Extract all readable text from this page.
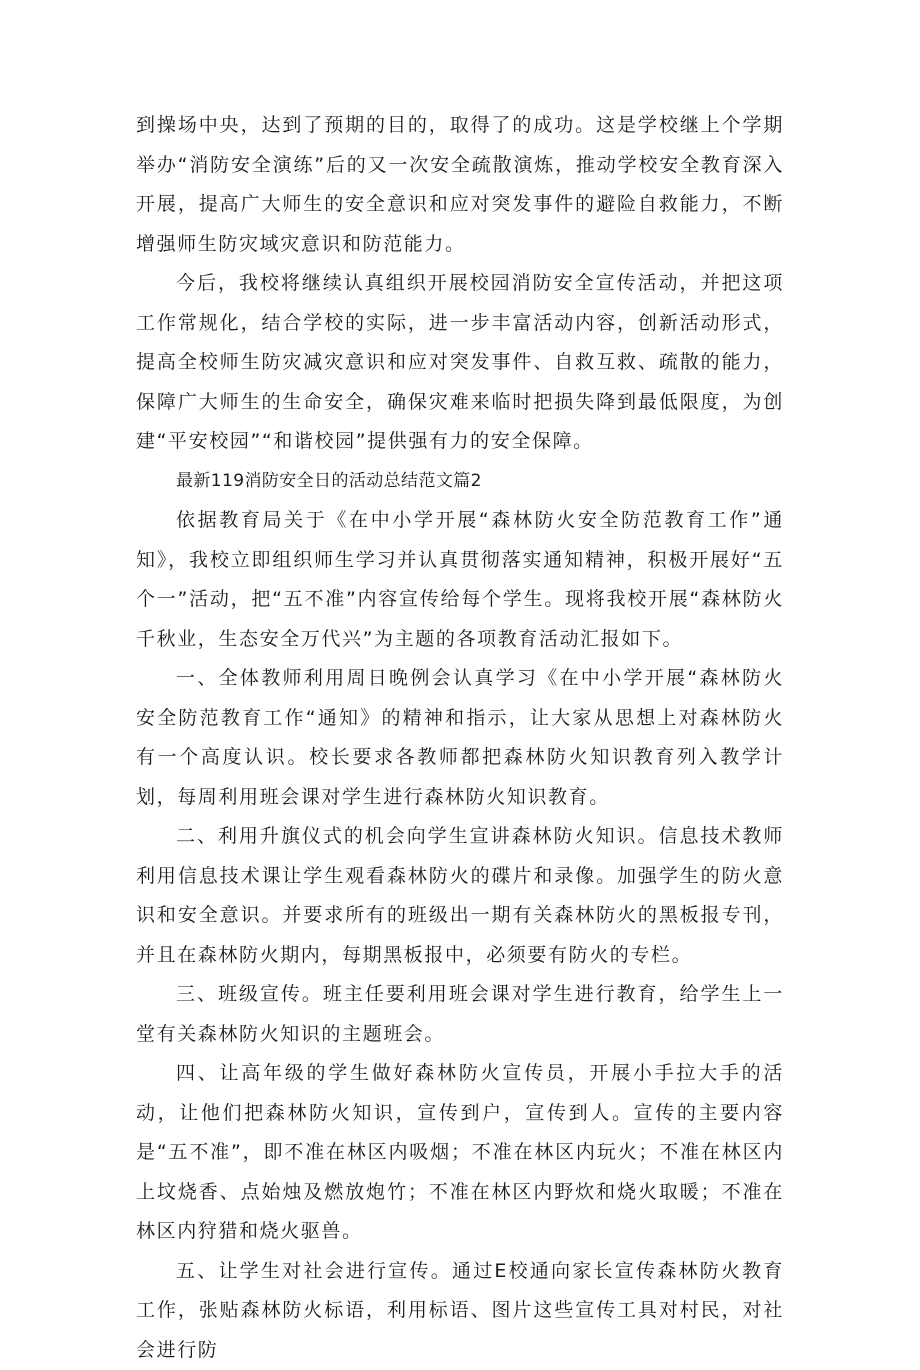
到操场中央，达到了预期的目的，取得了的成功。这是学校继上个学期举办“消防安全演练”后的又一次安全疏散演炼，推动学校安全教育深入开展，提高广大师生的安全意识和应对突发事件的避险自救能力，不断增强师生防灾域灾意识和防范能力。

今后，我校将继续认真组织开展校园消防安全宣传活动，并把这项工作常规化，结合学校的实际，进一步丰富活动内容，创新活动形式，提高全校师生防灾减灾意识和应对突发事件、自救互救、疏散的能力，保障广大师生的生命安全，确保灾难来临时把损失降到最低限度，为创建“平安校园”“和谐校园”提供强有力的安全保障。

最新119消防安全日的活动总结范文篇2

依据教育局关于《在中小学开展“森林防火安全防范教育工作”通知》，我校立即组织师生学习并认真贯彻落实通知精神，积极开展好“五个一”活动，把“五不准”内容宣传给每个学生。现将我校开展“森林防火千秋业，生态安全万代兴”为主题的各项教育活动汇报如下。

一、全体教师利用周日晚例会认真学习《在中小学开展“森林防火安全防范教育工作“通知》的精神和指示，让大家从思想上对森林防火有一个高度认识。校长要求各教师都把森林防火知识教育列入教学计划，每周利用班会课对学生进行森林防火知识教育。

二、利用升旗仪式的机会向学生宣讲森林防火知识。信息技术教师利用信息技术课让学生观看森林防火的碟片和录像。加强学生的防火意识和安全意识。并要求所有的班级出一期有关森林防火的黑板报专刊，并且在森林防火期内，每期黑板报中，必须要有防火的专栏。

三、班级宣传。班主任要利用班会课对学生进行教育，给学生上一堂有关森林防火知识的主题班会。

四、让高年级的学生做好森林防火宣传员，开展小手拉大手的活动，让他们把森林防火知识，宣传到户，宣传到人。宣传的主要内容是“五不准”，即不准在林区内吸烟；不准在林区内玩火；不准在林区内上坟烧香、点始烛及燃放炮竹；不准在林区内野炊和烧火取暖；不准在林区内狩猎和烧火驱兽。

五、让学生对社会进行宣传。通过E校通向家长宣传森林防火教育工作，张贴森林防火标语，利用标语、图片这些宣传工具对村民，对社会进行防
